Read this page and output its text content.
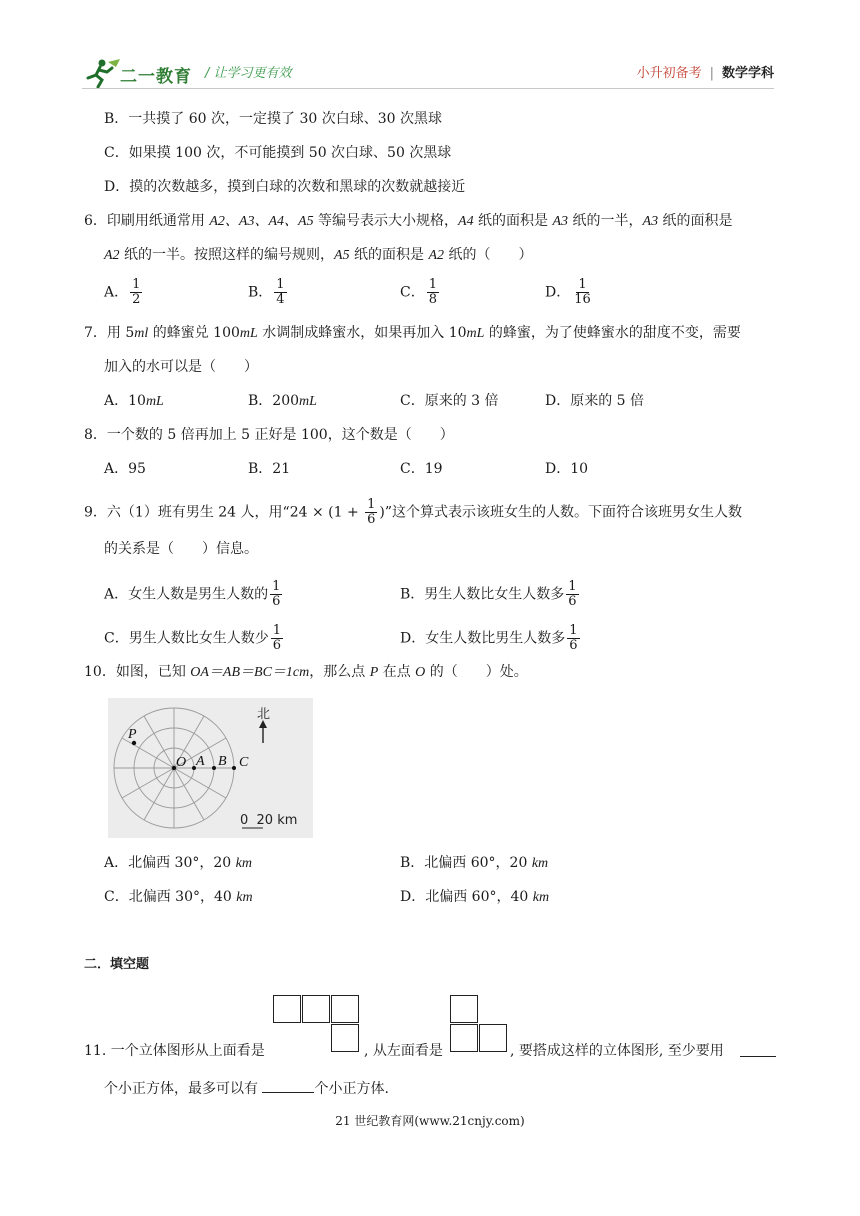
二一教育 / 让学习更有效	小升初备考 | 数学学科
B．一共摸了 60 次，一定摸了 30 次白球、30 次黑球
C．如果摸 100 次，不可能摸到 50 次白球、50 次黑球
D．摸的次数越多，摸到白球的次数和黑球的次数就越接近
6．印刷用纸通常用 A2、A3、A4、A5 等编号表示大小规格，A4 纸的面积是 A3 纸的一半，A3 纸的面积是
A2 纸的一半。按照这样的编号规则，A5 纸的面积是 A2 纸的（　　）
A． $\frac{1}{2}$	B． $\frac{1}{4}$	C． $\frac{1}{8}$	D． $\frac{1}{16}$
7．用 5ml 的蜂蜜兑 100mL 水调制成蜂蜜水，如果再加入 10mL 的蜂蜜，为了使蜂蜜水的甜度不变，需要
加入的水可以是（　　）
A．10mL	B．200mL	C．原来的 3 倍	D．原来的 5 倍
8．一个数的 5 倍再加上 5 正好是 100，这个数是（　　）
A．95	B．21	C．19	D．10
9．六（1）班有男生 24 人，用“$24 \times (1 + \frac{1}{6}$ )”这个算式表示该班女生的人数。下面符合该班男女生人数
的关系是（　　）信息。
A．女生人数是男生人数的 $\frac{1}{6}$	B．男生人数比女生人数多 $\frac{1}{6}$
C．男生人数比女生人数少 $\frac{1}{6}$	D．女生人数比男生人数多 $\frac{1}{6}$
10．如图，已知 OA＝AB＝BC＝1cm，那么点 P 在点 O 的（　　）处。
北
P
O A B C
0  20 km
A．北偏西 30°，20 km	B．北偏西 60°，20 km
C．北偏西 30°，40 km	D．北偏西 60°，40 km
二．填空题
11. 一个立体图形从上面看是	, 从左面看是	, 要搭成这样的立体图形, 至少要用
个小正方体，最多可以有	个小正方体.
21 世纪教育网(www.21cnjy.com)
